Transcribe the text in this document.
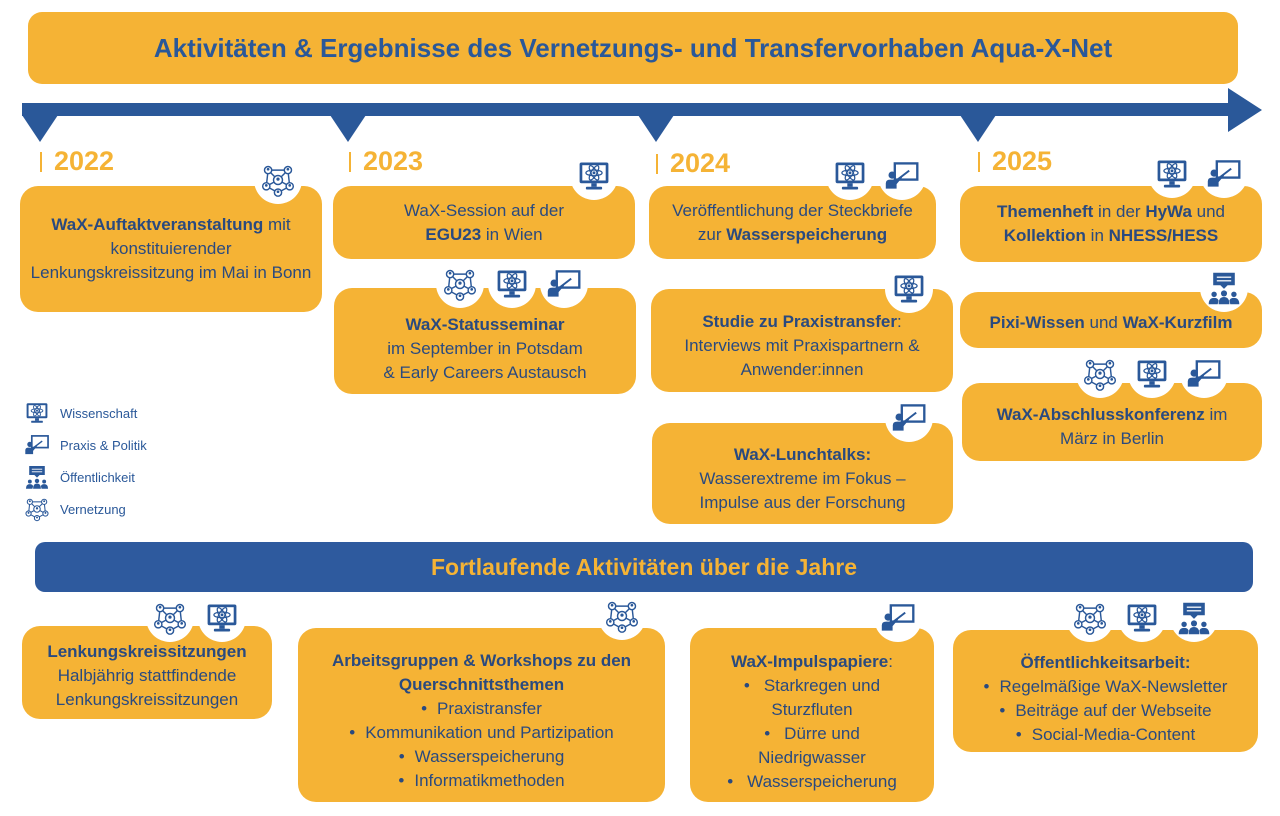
Aktivitäten & Ergebnisse des Vernetzungs- und Transfervorhaben Aqua-X-Net
2022	2023	2024	2025
WaX-Auftaktveranstaltung mit konstituierender Lenkungskreissitzung im Mai in Bonn
WaX-Session auf der
EGU23 in Wien
WaX-Statusseminar
im September in Potsdam
& Early Careers Austausch
Veröffentlichung der Steckbriefe
zur Wasserspeicherung
Studie zu Praxistransfer:
Interviews mit Praxispartnern &
Anwender:innen
WaX-Lunchtalks:
Wasserextreme im Fokus –
Impulse aus der Forschung
Themenheft in der HyWa und
Kollektion in NHESS/HESS
Pixi-Wissen und WaX-Kurzfilm
WaX-Abschlusskonferenz im
März in Berlin
Wissenschaft
Praxis & Politik
Öffentlichkeit
Vernetzung
Fortlaufende Aktivitäten über die Jahre
Lenkungskreissitzungen
Halbjährig stattfindende
Lenkungskreissitzungen
Arbeitsgruppen & Workshops zu den
Querschnittsthemen
• Praxistransfer
• Kommunikation und Partizipation
• Wasserspeicherung
• Informatikmethoden
WaX-Impulspapiere:
• Starkregen und
Sturzfluten
• Dürre und
Niedrigwasser
• Wasserspeicherung
Öffentlichkeitsarbeit:
• Regelmäßige WaX-Newsletter
• Beiträge auf der Webseite
• Social-Media-Content
